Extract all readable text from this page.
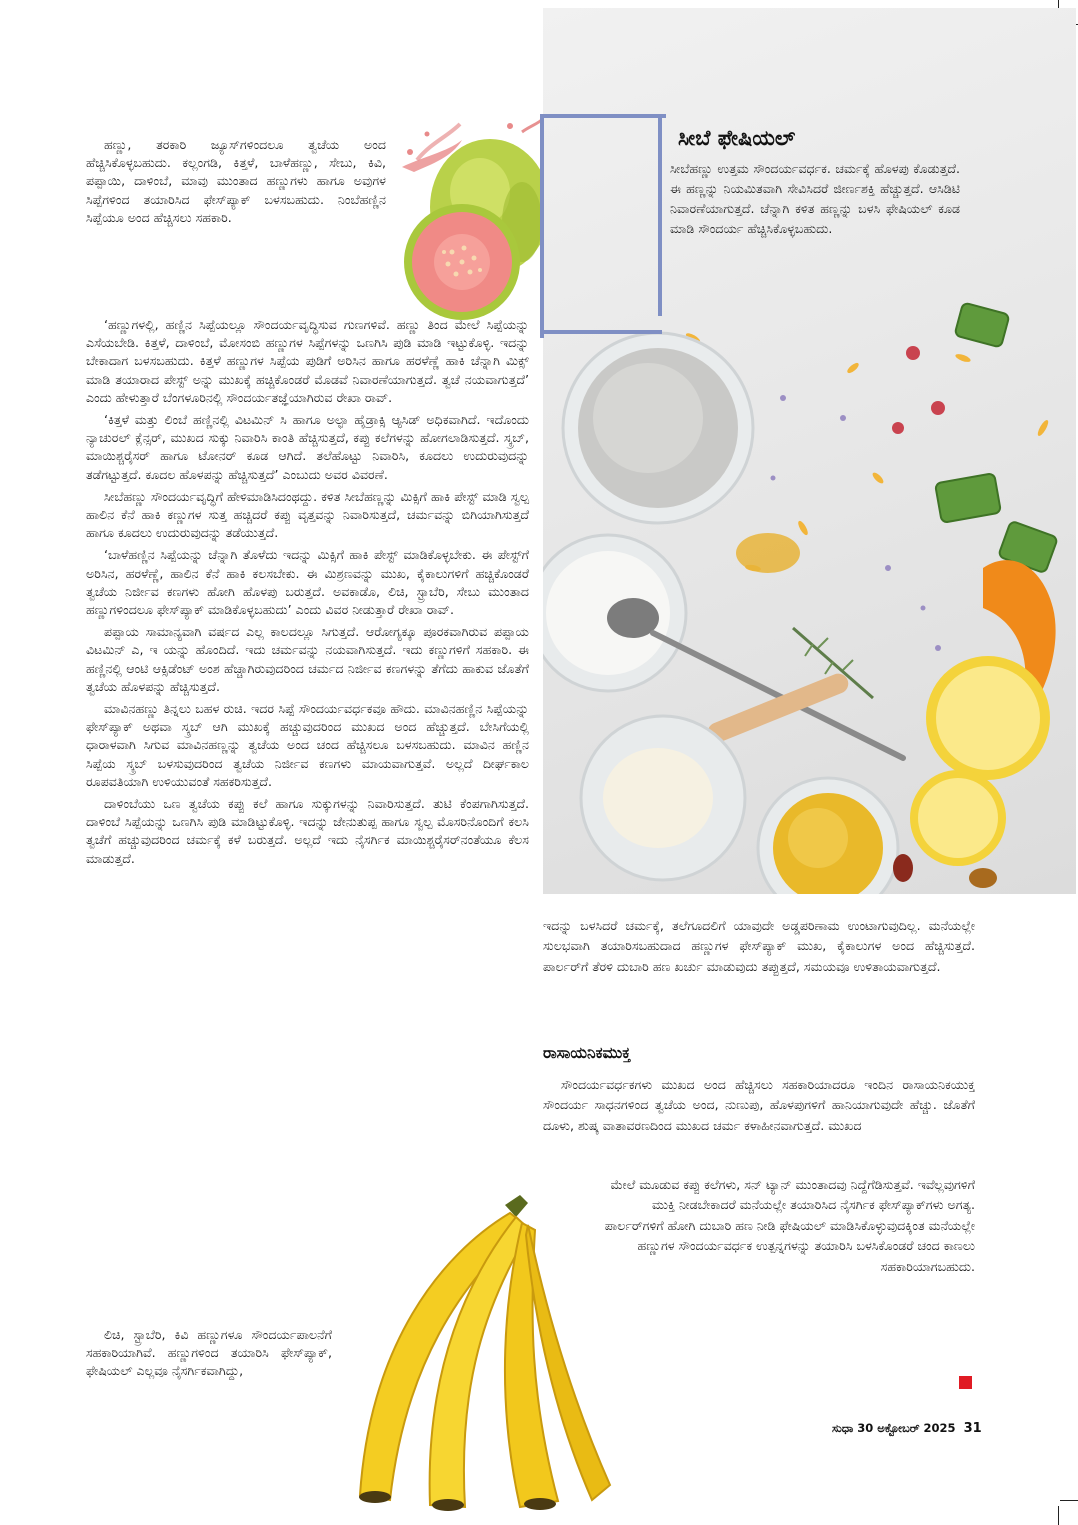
ಹಣ್ಣು, ತರಕಾರಿ ಜ್ಯೂಸ್‌ಗಳಿಂದಲೂ ತ್ವಚೆಯ ಅಂದ ಹೆಚ್ಚಿಸಿಕೊಳ್ಳಬಹುದು. ಕಲ್ಲಂಗಡಿ, ಕಿತ್ತಳೆ, ಬಾಳೆಹಣ್ಣು, ಸೇಬು, ಕಿವಿ, ಪಪ್ಪಾಯಿ, ದಾಳಿಂಬೆ, ಮಾವು ಮುಂತಾದ ಹಣ್ಣುಗಳು ಹಾಗೂ ಅವುಗಳ ಸಿಪ್ಪೆಗಳಿಂದ ತಯಾರಿಸಿದ ಫೇಸ್‌ಪ್ಯಾಕ್ ಬಳಸಬಹುದು. ನಿಂಬೆಹಣ್ಣಿನ ಸಿಪ್ಪೆಯೂ ಅಂದ ಹೆಚ್ಚಿಸಲು ಸಹಕಾರಿ.

‘ಹಣ್ಣುಗಳಲ್ಲಿ, ಹಣ್ಣಿನ ಸಿಪ್ಪೆಯಲ್ಲೂ ಸೌಂದರ್ಯವೃದ್ಧಿಸುವ ಗುಣಗಳಿವೆ. ಹಣ್ಣು ತಿಂದ ಮೇಲೆ ಸಿಪ್ಪೆಯನ್ನು ಎಸೆಯಬೇಡಿ. ಕಿತ್ತಳೆ, ದಾಳಿಂಬೆ, ಮೋಸಂಬಿ ಹಣ್ಣುಗಳ ಸಿಪ್ಪೆಗಳನ್ನು ಒಣಗಿಸಿ ಪುಡಿ ಮಾಡಿ ಇಟ್ಟುಕೊಳ್ಳಿ. ಇದನ್ನು ಬೇಕಾದಾಗ ಬಳಸಬಹುದು. ಕಿತ್ತಳೆ ಹಣ್ಣುಗಳ ಸಿಪ್ಪೆಯ ಪುಡಿಗೆ ಅರಿಸಿನ ಹಾಗೂ ಹರಳೆಣ್ಣೆ ಹಾಕಿ ಚೆನ್ನಾಗಿ ಮಿಕ್ಸ್ ಮಾಡಿ ತಯಾರಾದ ಪೇಸ್ಟ್ ಅನ್ನು ಮುಖಕ್ಕೆ ಹಚ್ಚಿಕೊಂಡರೆ ಮೊಡವೆ ನಿವಾರಣೆಯಾಗುತ್ತದೆ. ತ್ವಚೆ ನಯವಾಗುತ್ತದೆ’ ಎಂದು ಹೇಳುತ್ತಾರೆ ಬೆಂಗಳೂರಿನಲ್ಲಿ ಸೌಂದರ್ಯತಜ್ಞೆಯಾಗಿರುವ ರೇಖಾ ರಾವ್.

‘ಕಿತ್ತಳೆ ಮತ್ತು ಲಿಂಬೆ ಹಣ್ಣಿನಲ್ಲಿ ವಿಟಮಿನ್ ಸಿ ಹಾಗೂ ಅಲ್ಫಾ ಹೈಡ್ರಾಕ್ಸಿ ಆ್ಯಸಿಡ್ ಅಧಿಕವಾಗಿದೆ. ಇದೊಂದು ನ್ಯಾಚುರಲ್ ಕ್ಲೆನ್ಸರ್, ಮುಖದ ಸುಕ್ಕು ನಿವಾರಿಸಿ ಕಾಂತಿ ಹೆಚ್ಚಿಸುತ್ತದೆ, ಕಪ್ಪು ಕಲೆಗಳನ್ನು ಹೋಗಲಾಡಿಸುತ್ತದೆ. ಸ್ಕ್ರಬ್, ಮಾಯಿಶ್ಚರೈಸರ್ ಹಾಗೂ ಟೋನರ್ ಕೂಡ ಆಗಿದೆ. ತಲೆಹೊಟ್ಟು ನಿವಾರಿಸಿ, ಕೂದಲು ಉದುರುವುದನ್ನು ತಡೆಗಟ್ಟುತ್ತದೆ. ಕೂದಲ ಹೊಳಪನ್ನು ಹೆಚ್ಚಿಸುತ್ತದೆ’ ಎಂಬುದು ಅವರ ವಿವರಣೆ.

ಸೀಬೆಹಣ್ಣು ಸೌಂದರ್ಯವೃದ್ಧಿಗೆ ಹೇಳಿಮಾಡಿಸಿದಂಥದ್ದು. ಕಳಿತ ಸೀಬೆಹಣ್ಣನ್ನು ಮಿಕ್ಸಿಗೆ ಹಾಕಿ ಪೇಸ್ಟ್ ಮಾಡಿ ಸ್ವಲ್ಪ ಹಾಲಿನ ಕೆನೆ ಹಾಕಿ ಕಣ್ಣುಗಳ ಸುತ್ತ ಹಚ್ಚಿದರೆ ಕಪ್ಪು ವೃತ್ತವನ್ನು ನಿವಾರಿಸುತ್ತದೆ, ಚರ್ಮವನ್ನು ಬಿಗಿಯಾಗಿಸುತ್ತದೆ ಹಾಗೂ ಕೂದಲು ಉದುರುವುದನ್ನು ತಡೆಯುತ್ತದೆ.

‘ಬಾಳೆಹಣ್ಣಿನ ಸಿಪ್ಪೆಯನ್ನು ಚೆನ್ನಾಗಿ ತೊಳೆದು ಇದನ್ನು ಮಿಕ್ಸಿಗೆ ಹಾಕಿ ಪೇಸ್ಟ್ ಮಾಡಿಕೊಳ್ಳಬೇಕು. ಈ ಪೇಸ್ಟ್‌ಗೆ ಅರಿಸಿನ, ಹರಳೆಣ್ಣೆ, ಹಾಲಿನ ಕೆನೆ ಹಾಕಿ ಕಲಸಬೇಕು. ಈ ಮಿಶ್ರಣವನ್ನು ಮುಖ, ಕೈಕಾಲುಗಳಿಗೆ ಹಚ್ಚಿಕೊಂಡರೆ ತ್ವಚೆಯ ನಿರ್ಜೀವ ಕಣಗಳು ಹೋಗಿ ಹೊಳಪು ಬರುತ್ತದೆ. ಅವಕಾಡೊ, ಲಿಚಿ, ಸ್ಟ್ರಾಬೆರಿ, ಸೇಬು ಮುಂತಾದ ಹಣ್ಣುಗಳಿಂದಲೂ ಫೇಸ್‌ಪ್ಯಾಕ್ ಮಾಡಿಕೊಳ್ಳಬಹುದು’ ಎಂದು ವಿವರ ನೀಡುತ್ತಾರೆ ರೇಖಾ ರಾವ್.

ಪಪ್ಪಾಯ ಸಾಮಾನ್ಯವಾಗಿ ವರ್ಷದ ಎಲ್ಲ ಕಾಲದಲ್ಲೂ ಸಿಗುತ್ತದೆ. ಆರೋಗ್ಯಕ್ಕೂ ಪೂರಕವಾಗಿರುವ ಪಪ್ಪಾಯ ವಿಟಮಿನ್ ಎ, ಇ ಯನ್ನು ಹೊಂದಿದೆ. ಇದು ಚರ್ಮವನ್ನು ನಯವಾಗಿಸುತ್ತದೆ. ಇದು ಕಣ್ಣುಗಳಿಗೆ ಸಹಕಾರಿ. ಈ ಹಣ್ಣಿನಲ್ಲಿ ಆಂಟಿ ಆಕ್ಸಿಡೆಂಟ್ ಅಂಶ ಹೆಚ್ಚಾಗಿರುವುದರಿಂದ ಚರ್ಮದ ನಿರ್ಜೀವ ಕಣಗಳನ್ನು ತೆಗೆದು ಹಾಕುವ ಜೊತೆಗೆ ತ್ವಚೆಯ ಹೊಳಪನ್ನು ಹೆಚ್ಚಿಸುತ್ತದೆ.

ಮಾವಿನಹಣ್ಣು ತಿನ್ನಲು ಬಹಳ ರುಚಿ. ಇದರ ಸಿಪ್ಪೆ ಸೌಂದರ್ಯವರ್ಧಕವೂ ಹೌದು. ಮಾವಿನಹಣ್ಣಿನ ಸಿಪ್ಪೆಯನ್ನು ಫೇಸ್‌ಪ್ಯಾಕ್ ಅಥವಾ ಸ್ಕ್ರಬ್ ಆಗಿ ಮುಖಕ್ಕೆ ಹಚ್ಚುವುದರಿಂದ ಮುಖದ ಅಂದ ಹೆಚ್ಚುತ್ತದೆ. ಬೇಸಿಗೆಯಲ್ಲಿ ಧಾರಾಳವಾಗಿ ಸಿಗುವ ಮಾವಿನಹಣ್ಣನ್ನು ತ್ವಚೆಯ ಅಂದ ಚಂದ ಹೆಚ್ಚಿಸಲೂ ಬಳಸಬಹುದು. ಮಾವಿನ ಹಣ್ಣಿನ ಸಿಪ್ಪೆಯ ಸ್ಕ್ರಬ್ ಬಳಸುವುದರಿಂದ ತ್ವಚೆಯ ನಿರ್ಜೀವ ಕಣಗಳು ಮಾಯವಾಗುತ್ತವೆ. ಅಲ್ಲದೆ ದೀರ್ಘಕಾಲ ರೂಪವತಿಯಾಗಿ ಉಳಿಯುವಂತೆ ಸಹಕರಿಸುತ್ತದೆ.

ದಾಳಿಂಬೆಯು ಒಣ ತ್ವಚೆಯ ಕಪ್ಪು ಕಲೆ ಹಾಗೂ ಸುಕ್ಕುಗಳನ್ನು ನಿವಾರಿಸುತ್ತದೆ. ತುಟಿ ಕೆಂಪಗಾಗಿಸುತ್ತದೆ. ದಾಳಿಂಬೆ ಸಿಪ್ಪೆಯನ್ನು ಒಣಗಿಸಿ ಪುಡಿ ಮಾಡಿಟ್ಟುಕೊಳ್ಳಿ. ಇದನ್ನು ಜೇನುತುಪ್ಪ ಹಾಗೂ ಸ್ವಲ್ಪ ಮೊಸರಿನೊಂದಿಗೆ ಕಲಸಿ ತ್ವಚೆಗೆ ಹಚ್ಚುವುದರಿಂದ ಚರ್ಮಕ್ಕೆ ಕಳೆ ಬರುತ್ತದೆ. ಅಲ್ಲದೆ ಇದು ನೈಸರ್ಗಿಕ ಮಾಯಿಶ್ಚರೈಸರ್‌ನಂತೆಯೂ ಕೆಲಸ ಮಾಡುತ್ತದೆ.

ಲಿಚಿ, ಸ್ಟ್ರಾಬೆರಿ, ಕಿವಿ ಹಣ್ಣುಗಳೂ ಸೌಂದರ್ಯಪಾಲನೆಗೆ ಸಹಕಾರಿಯಾಗಿವೆ. ಹಣ್ಣುಗಳಿಂದ ತಯಾರಿಸಿ ಫೇಸ್‌ಪ್ಯಾಕ್, ಫೇಷಿಯಲ್ ಎಲ್ಲವೂ ನೈಸರ್ಗಿಕವಾಗಿದ್ದು,

ಸೀಬೆ ಫೇಷಿಯಲ್
ಸೀಬೆಹಣ್ಣು ಉತ್ತಮ ಸೌಂದರ್ಯವರ್ಧಕ. ಚರ್ಮಕ್ಕೆ ಹೊಳಪು ಕೊಡುತ್ತದೆ. ಈ ಹಣ್ಣನ್ನು ನಿಯಮಿತವಾಗಿ ಸೇವಿಸಿದರೆ ಜೀರ್ಣಶಕ್ತಿ ಹೆಚ್ಚುತ್ತದೆ. ಆಸಿಡಿಟಿ ನಿವಾರಣೆಯಾಗುತ್ತದೆ. ಚೆನ್ನಾಗಿ ಕಳಿತ ಹಣ್ಣನ್ನು ಬಳಸಿ ಫೇಷಿಯಲ್ ಕೂಡ ಮಾಡಿ ಸೌಂದರ್ಯ ಹೆಚ್ಚಿಸಿಕೊಳ್ಳಬಹುದು.
ಇದನ್ನು ಬಳಸಿದರೆ ಚರ್ಮಕ್ಕೆ, ತಲೆಗೂದಲಿಗೆ ಯಾವುದೇ ಅಡ್ಡಪರಿಣಾಮ ಉಂಟಾಗುವುದಿಲ್ಲ. ಮನೆಯಲ್ಲೇ ಸುಲಭವಾಗಿ ತಯಾರಿಸಬಹುದಾದ ಹಣ್ಣುಗಳ ಫೇಸ್‌ಪ್ಯಾಕ್ ಮುಖ, ಕೈಕಾಲುಗಳ ಅಂದ ಹೆಚ್ಚಿಸುತ್ತದೆ. ಪಾರ್ಲರ್‌ಗೆ ತೆರಳಿ ದುಬಾರಿ ಹಣ ಖರ್ಚು ಮಾಡುವುದು ತಪ್ಪುತ್ತದೆ, ಸಮಯವೂ ಉಳಿತಾಯವಾಗುತ್ತದೆ.
ರಾಸಾಯನಿಕಮುಕ್ತ
ಸೌಂದರ್ಯವರ್ಧಕಗಳು ಮುಖದ ಅಂದ ಹೆಚ್ಚಿಸಲು ಸಹಕಾರಿಯಾದರೂ ಇಂದಿನ ರಾಸಾಯನಿಕಯುಕ್ತ ಸೌಂದರ್ಯ ಸಾಧನಗಳಿಂದ ತ್ವಚೆಯ ಅಂದ, ನುಣುಪು, ಹೊಳಪುಗಳಿಗೆ ಹಾನಿಯಾಗುವುದೇ ಹೆಚ್ಚು. ಜೊತೆಗೆ ದೂಳು, ಶುಷ್ಕ ವಾತಾವರಣದಿಂದ ಮುಖದ ಚರ್ಮ ಕಳಾಹೀನವಾಗುತ್ತದೆ. ಮುಖದ
ಮೇಲೆ ಮೂಡುವ ಕಪ್ಪು ಕಲೆಗಳು, ಸನ್ ಟ್ಯಾನ್ ಮುಂತಾದವು ನಿದ್ದೆಗೆಡಿಸುತ್ತವೆ. ಇವೆಲ್ಲವುಗಳಿಗೆ ಮುಕ್ತಿ ನೀಡಬೇಕಾದರೆ ಮನೆಯಲ್ಲೇ ತಯಾರಿಸಿದ ನೈಸರ್ಗಿಕ ಫೇಸ್‌ಪ್ಯಾಕ್‌ಗಳು ಅಗತ್ಯ. ಪಾರ್ಲರ್‌ಗಳಿಗೆ ಹೋಗಿ ದುಬಾರಿ ಹಣ ನೀಡಿ ಫೇಷಿಯಲ್ ಮಾಡಿಸಿಕೊಳ್ಳುವುದಕ್ಕಿಂತ ಮನೆಯಲ್ಲೇ ಹಣ್ಣುಗಳ ಸೌಂದರ್ಯವರ್ಧಕ ಉತ್ಪನ್ನಗಳನ್ನು ತಯಾರಿಸಿ ಬಳಸಿಕೊಂಡರೆ ಚಂದ ಕಾಣಲು ಸಹಕಾರಿಯಾಗಬಹುದು.
ಸುಧಾ 30 ಅಕ್ಟೋಬರ್ 2025 31
